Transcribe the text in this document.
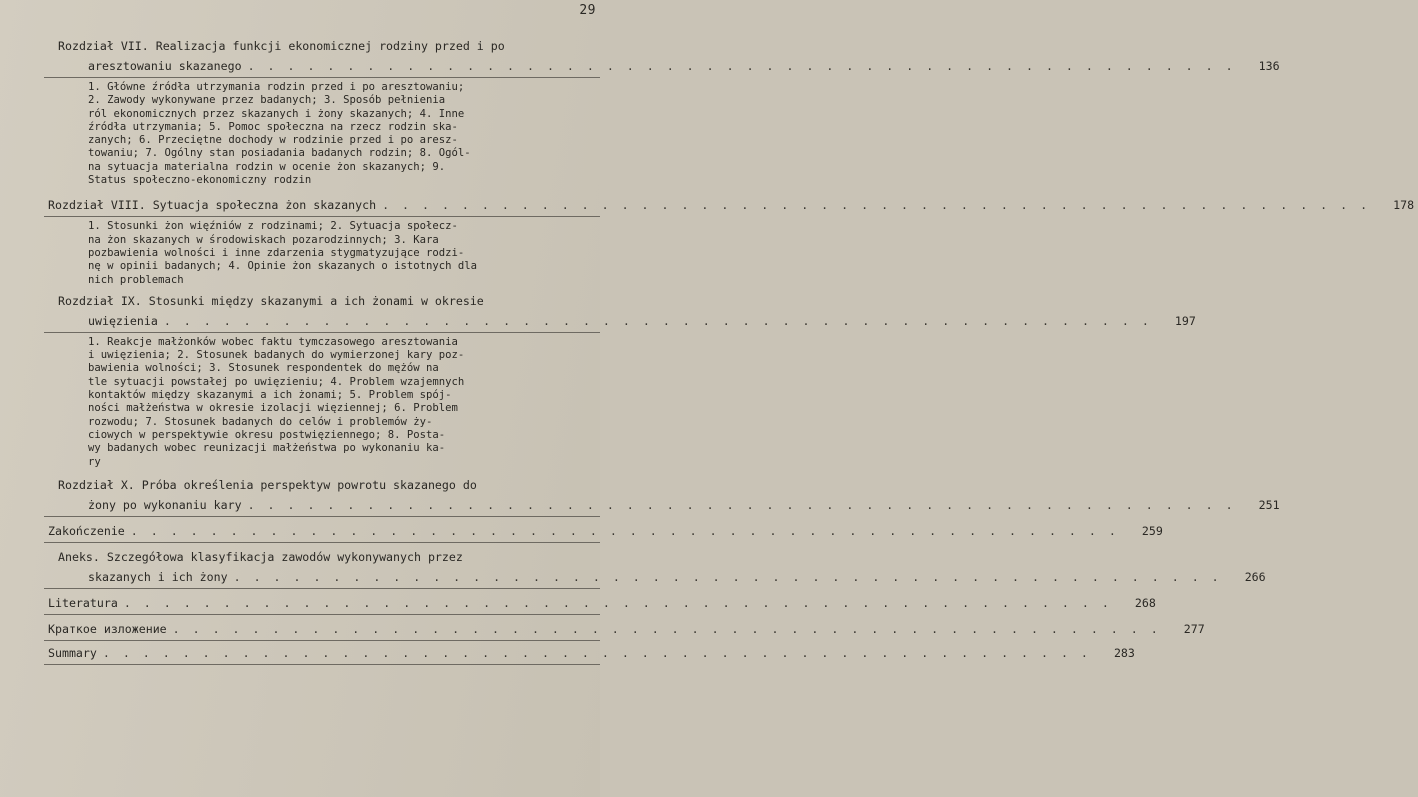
29
Rozdział VII. Realizacja funkcji ekonomicznej rodziny przed i po
aresztowaniu skazanego . . . . . . . . . . . . . . . . . . . . . . . . . . . . . . . . . . . . . . . . . . . . . . . . . .	136
1. Główne źródła utrzymania rodzin przed i po aresztowaniu;
2. Zawody wykonywane przez badanych; 3. Sposób pełnienia
ról ekonomicznych przez skazanych i żony skazanych; 4. Inne
źródła utrzymania; 5. Pomoc społeczna na rzecz rodzin ska-
zanych; 6. Przeciętne dochody w rodzinie przed i po aresz-
towaniu; 7. Ogólny stan posiadania badanych rodzin; 8. Ogól-
na sytuacja materialna rodzin w ocenie żon skazanych; 9.
Status społeczno-ekonomiczny rodzin
Rozdział VIII. Sytuacja społeczna żon skazanych . . . . . . . . . . . . . . . . . . . . . . . . . . . . . . . . . . . . . . . . . . . . . . . . . .	178
1. Stosunki żon więźniów z rodzinami; 2. Sytuacja społecz-
na żon skazanych w środowiskach pozarodzinnych; 3. Kara
pozbawienia wolności i inne zdarzenia stygmatyzujące rodzi-
nę w opinii badanych; 4. Opinie żon skazanych o istotnych dla
nich problemach
Rozdział IX. Stosunki między skazanymi a ich żonami w okresie
uwięzienia . . . . . . . . . . . . . . . . . . . . . . . . . . . . . . . . . . . . . . . . . . . . . . . . . .	197
1. Reakcje małżonków wobec faktu tymczasowego aresztowania
i uwięzienia; 2. Stosunek badanych do wymierzonej kary poz-
bawienia wolności; 3. Stosunek respondentek do mężów na
tle sytuacji powstałej po uwięzieniu; 4. Problem wzajemnych
kontaktów między skazanymi a ich żonami; 5. Problem spój-
ności małżeństwa w okresie izolacji więziennej; 6. Problem
rozwodu; 7. Stosunek badanych do celów i problemów ży-
ciowych w perspektywie okresu postwięziennego; 8. Posta-
wy badanych wobec reunizacji małżeństwa po wykonaniu ka-
ry
Rozdział X. Próba określenia perspektyw powrotu skazanego do
żony po wykonaniu kary . . . . . . . . . . . . . . . . . . . . . . . . . . . . . . . . . . . . . . . . . . . . . . . . . .	251
Zakończenie . . . . . . . . . . . . . . . . . . . . . . . . . . . . . . . . . . . . . . . . . . . . . . . . . .	259
Aneks. Szczegółowa klasyfikacja zawodów wykonywanych przez
skazanych i ich żony . . . . . . . . . . . . . . . . . . . . . . . . . . . . . . . . . . . . . . . . . . . . . . . . . .	266
Literatura . . . . . . . . . . . . . . . . . . . . . . . . . . . . . . . . . . . . . . . . . . . . . . . . . .	268
Краткое изложение . . . . . . . . . . . . . . . . . . . . . . . . . . . . . . . . . . . . . . . . . . . . . . . . . .	277
Summary . . . . . . . . . . . . . . . . . . . . . . . . . . . . . . . . . . . . . . . . . . . . . . . . . .	283
